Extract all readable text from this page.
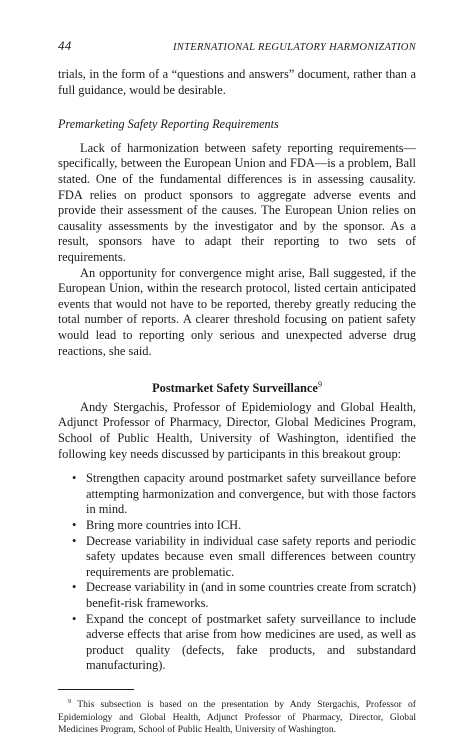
44	INTERNATIONAL REGULATORY HARMONIZATION

trials, in the form of a “questions and answers” document, rather than a full guidance, would be desirable.

Premarketing Safety Reporting Requirements

Lack of harmonization between safety reporting requirements—specifically, between the European Union and FDA—is a problem, Ball stated. One of the fundamental differences is in assessing causality. FDA relies on product sponsors to aggregate adverse events and provide their assessment of the causes. The European Union relies on causality assessments by the investigator and by the sponsor. As a result, sponsors have to adapt their reporting to two sets of requirements.

An opportunity for convergence might arise, Ball suggested, if the European Union, within the research protocol, listed certain anticipated events that would not have to be reported, thereby greatly reducing the total number of reports. A clearer threshold focusing on patient safety would lead to reporting only serious and unexpected adverse drug reactions, she said.

Postmarket Safety Surveillance$^9$

Andy Stergachis, Professor of Epidemiology and Global Health, Adjunct Professor of Pharmacy, Director, Global Medicines Program, School of Public Health, University of Washington, identified the following key needs discussed by participants in this breakout group:

• Strengthen capacity around postmarket safety surveillance before attempting harmonization and convergence, but with those factors in mind.
• Bring more countries into ICH.
• Decrease variability in individual case safety reports and periodic safety updates because even small differences between country requirements are problematic.
• Decrease variability in (and in some countries create from scratch) benefit-risk frameworks.
• Expand the concept of postmarket safety surveillance to include adverse effects that arise from how medicines are used, as well as product quality (defects, fake products, and substandard manufacturing).

$^9$ This subsection is based on the presentation by Andy Stergachis, Professor of Epidemiology and Global Health, Adjunct Professor of Pharmacy, Director, Global Medicines Program, School of Public Health, University of Washington.
